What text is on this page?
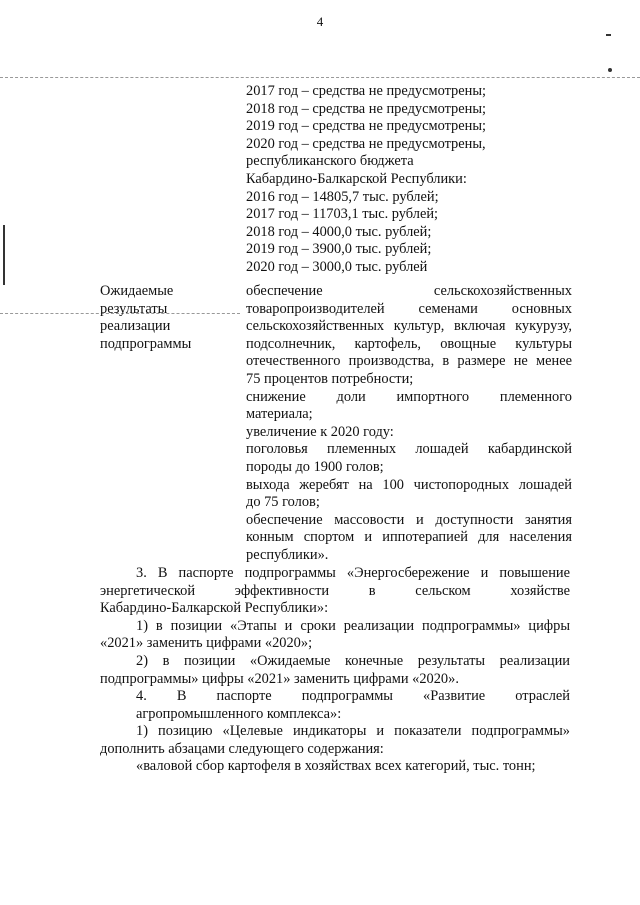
4
2017 год – средства не предусмотрены;
2018 год – средства не предусмотрены;
2019 год – средства не предусмотрены;
2020 год – средства не предусмотрены,
республиканского бюджета
Кабардино-Балкарской Республики:
2016 год – 14805,7 тыс. рублей;
2017 год – 11703,1 тыс. рублей;
2018 год – 4000,0 тыс. рублей;
2019 год – 3900,0 тыс. рублей;
2020 год – 3000,0 тыс. рублей
Ожидаемые
результаты
реализации
подпрограммы
обеспечение сельскохозяйственных
товаропроизводителей семенами основных
сельскохозяйственных культур, включая кукурузу,
подсолнечник, картофель, овощные культуры
отечественного производства, в размере не менее
75 процентов потребности;
снижение доли импортного племенного
материала;
увеличение к 2020 году:
поголовья племенных лошадей кабардинской
породы до 1900 голов;
выхода жеребят на 100 чистопородных лошадей
до 75 голов;
обеспечение массовости и доступности занятия
конным спортом и иппотерапией для населения
республики».
3. В паспорте подпрограммы «Энергосбережение и повышение
энергетической эффективности в сельском хозяйстве
Кабардино-Балкарской Республики»:
1) в позиции «Этапы и сроки реализации подпрограммы» цифры
«2021» заменить цифрами «2020»;
2) в позиции «Ожидаемые конечные результаты реализации
подпрограммы» цифры «2021» заменить цифрами «2020».
4. В паспорте подпрограммы «Развитие отраслей
агропромышленного комплекса»:
1) позицию «Целевые индикаторы и показатели подпрограммы»
дополнить абзацами следующего содержания:
«валовой сбор картофеля в хозяйствах всех категорий, тыс. тонн;
